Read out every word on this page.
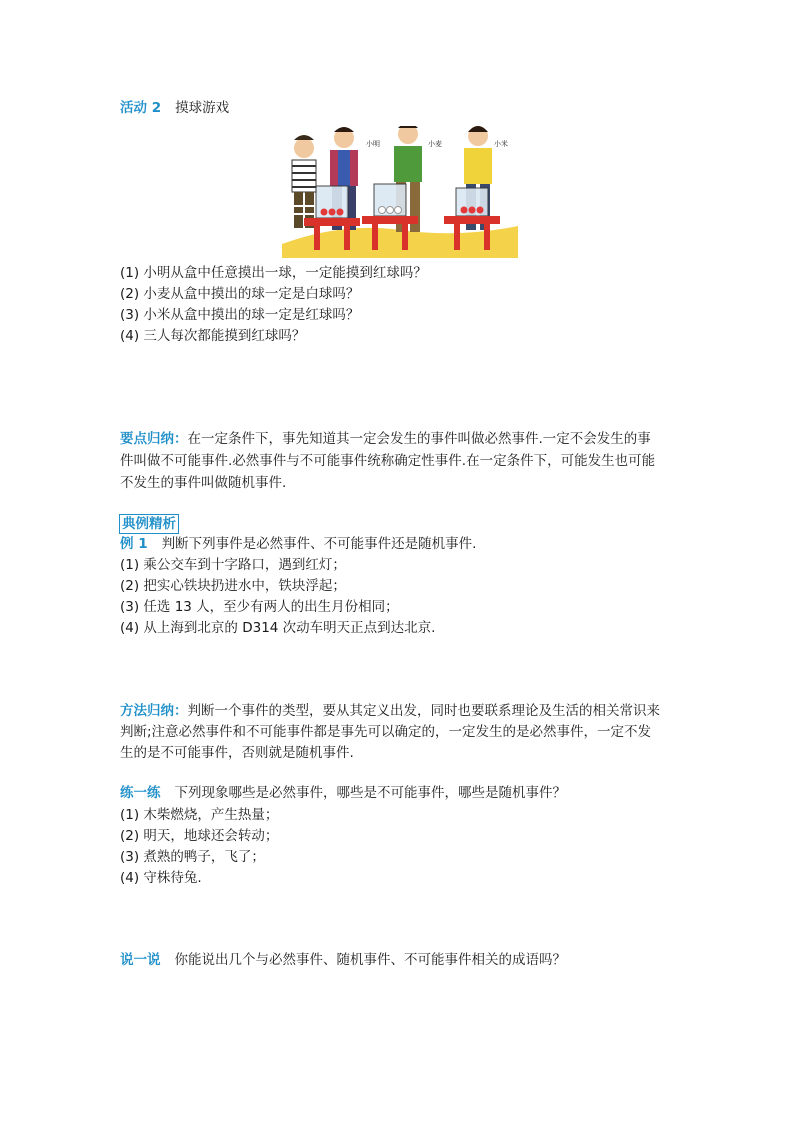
活动 2 摸球游戏
小明	小麦	小米
(1) 小明从盒中任意摸出一球，一定能摸到红球吗？
(2) 小麦从盒中摸出的球一定是白球吗？
(3) 小米从盒中摸出的球一定是红球吗？
(4) 三人每次都能摸到红球吗？
要点归纳：在一定条件下，事先知道其一定会发生的事件叫做必然事件.一定不会发生的事
件叫做不可能事件.必然事件与不可能事件统称确定性事件.在一定条件下，可能发生也可能
不发生的事件叫做随机事件.
典例精析
例 1 判断下列事件是必然事件、不可能事件还是随机事件.
(1) 乘公交车到十字路口，遇到红灯；
(2) 把实心铁块扔进水中，铁块浮起；
(3) 任选 13 人，至少有两人的出生月份相同；
(4) 从上海到北京的 D314 次动车明天正点到达北京.
方法归纳：判断一个事件的类型，要从其定义出发，同时也要联系理论及生活的相关常识来
判断;注意必然事件和不可能事件都是事先可以确定的，一定发生的是必然事件，一定不发
生的是不可能事件，否则就是随机事件.
练一练 下列现象哪些是必然事件，哪些是不可能事件，哪些是随机事件？
(1) 木柴燃烧，产生热量；
(2) 明天，地球还会转动；
(3) 煮熟的鸭子，飞了；
(4) 守株待兔.
说一说 你能说出几个与必然事件、随机事件、不可能事件相关的成语吗？
